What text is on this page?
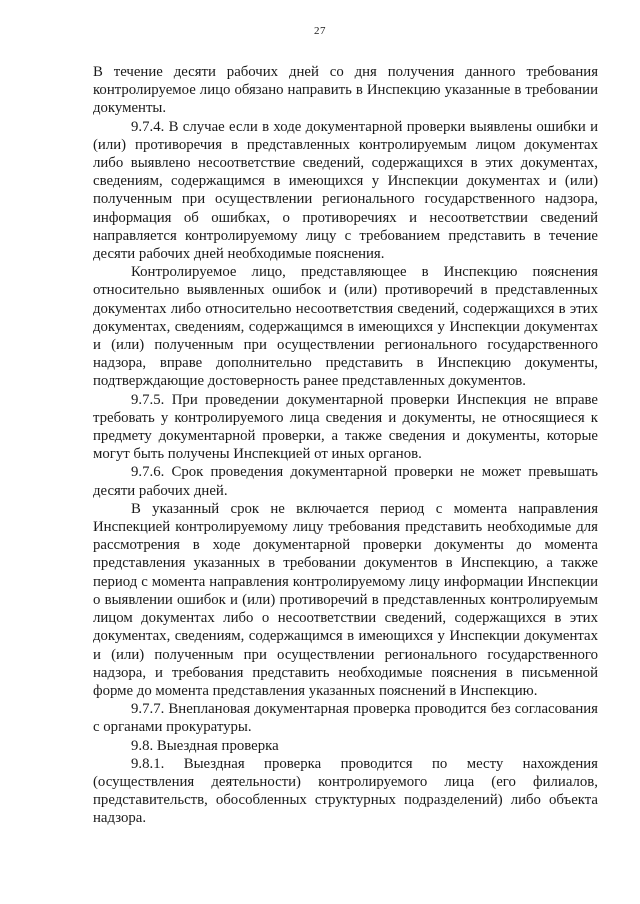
27

В течение десяти рабочих дней со дня получения данного требования контролируемое лицо обязано направить в Инспекцию указанные в требовании документы.

9.7.4. В случае если в ходе документарной проверки выявлены ошибки и (или) противоречия в представленных контролируемым лицом документах либо выявлено несоответствие сведений, содержащихся в этих документах, сведениям, содержащимся в имеющихся у Инспекции документах и (или) полученным при осуществлении регионального государственного надзора, информация об ошибках, о противоречиях и несоответствии сведений направляется контролируемому лицу с требованием представить в течение десяти рабочих дней необходимые пояснения.

Контролируемое лицо, представляющее в Инспекцию пояснения относительно выявленных ошибок и (или) противоречий в представленных документах либо относительно несоответствия сведений, содержащихся в этих документах, сведениям, содержащимся в имеющихся у Инспекции документах и (или) полученным при осуществлении регионального государственного надзора, вправе дополнительно представить в Инспекцию документы, подтверждающие достоверность ранее представленных документов.

9.7.5. При проведении документарной проверки Инспекция не вправе требовать у контролируемого лица сведения и документы, не относящиеся к предмету документарной проверки, а также сведения и документы, которые могут быть получены Инспекцией от иных органов.

9.7.6. Срок проведения документарной проверки не может превышать десяти рабочих дней.

В указанный срок не включается период с момента направления Инспекцией контролируемому лицу требования представить необходимые для рассмотрения в ходе документарной проверки документы до момента представления указанных в требовании документов в Инспекцию, а также период с момента направления контролируемому лицу информации Инспекции о выявлении ошибок и (или) противоречий в представленных контролируемым лицом документах либо о несоответствии сведений, содержащихся в этих документах, сведениям, содержащимся в имеющихся у Инспекции документах и (или) полученным при осуществлении регионального государственного надзора, и требования представить необходимые пояснения в письменной форме до момента представления указанных пояснений в Инспекцию.

9.7.7. Внеплановая документарная проверка проводится без согласования с органами прокуратуры.

9.8. Выездная проверка

9.8.1. Выездная проверка проводится по месту нахождения (осуществления деятельности) контролируемого лица (его филиалов, представительств, обособленных структурных подразделений) либо объекта надзора.
